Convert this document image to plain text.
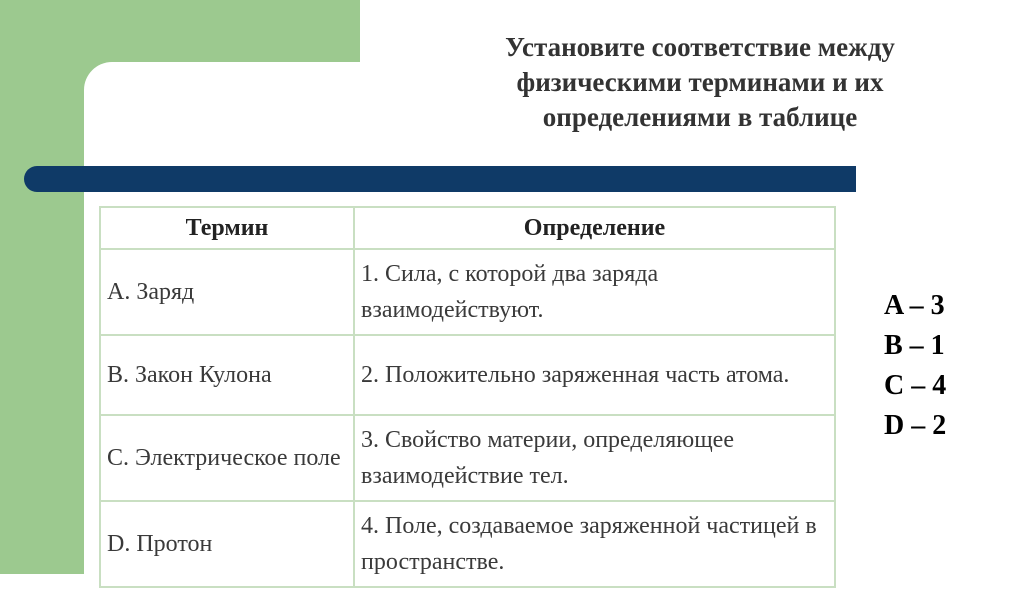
Установите соответствие между
физическими терминами и их
определениями в таблице
Термин	Определение
А. Заряд	1. Сила, с которой два заряда взаимодействуют.
В. Закон Кулона	2. Положительно заряженная часть атома.
С. Электрическое поле	3. Свойство материи, определяющее взаимодействие тел.
D. Протон	4. Поле, создаваемое заряженной частицей в пространстве.
A – 3
B – 1
C – 4
D – 2
